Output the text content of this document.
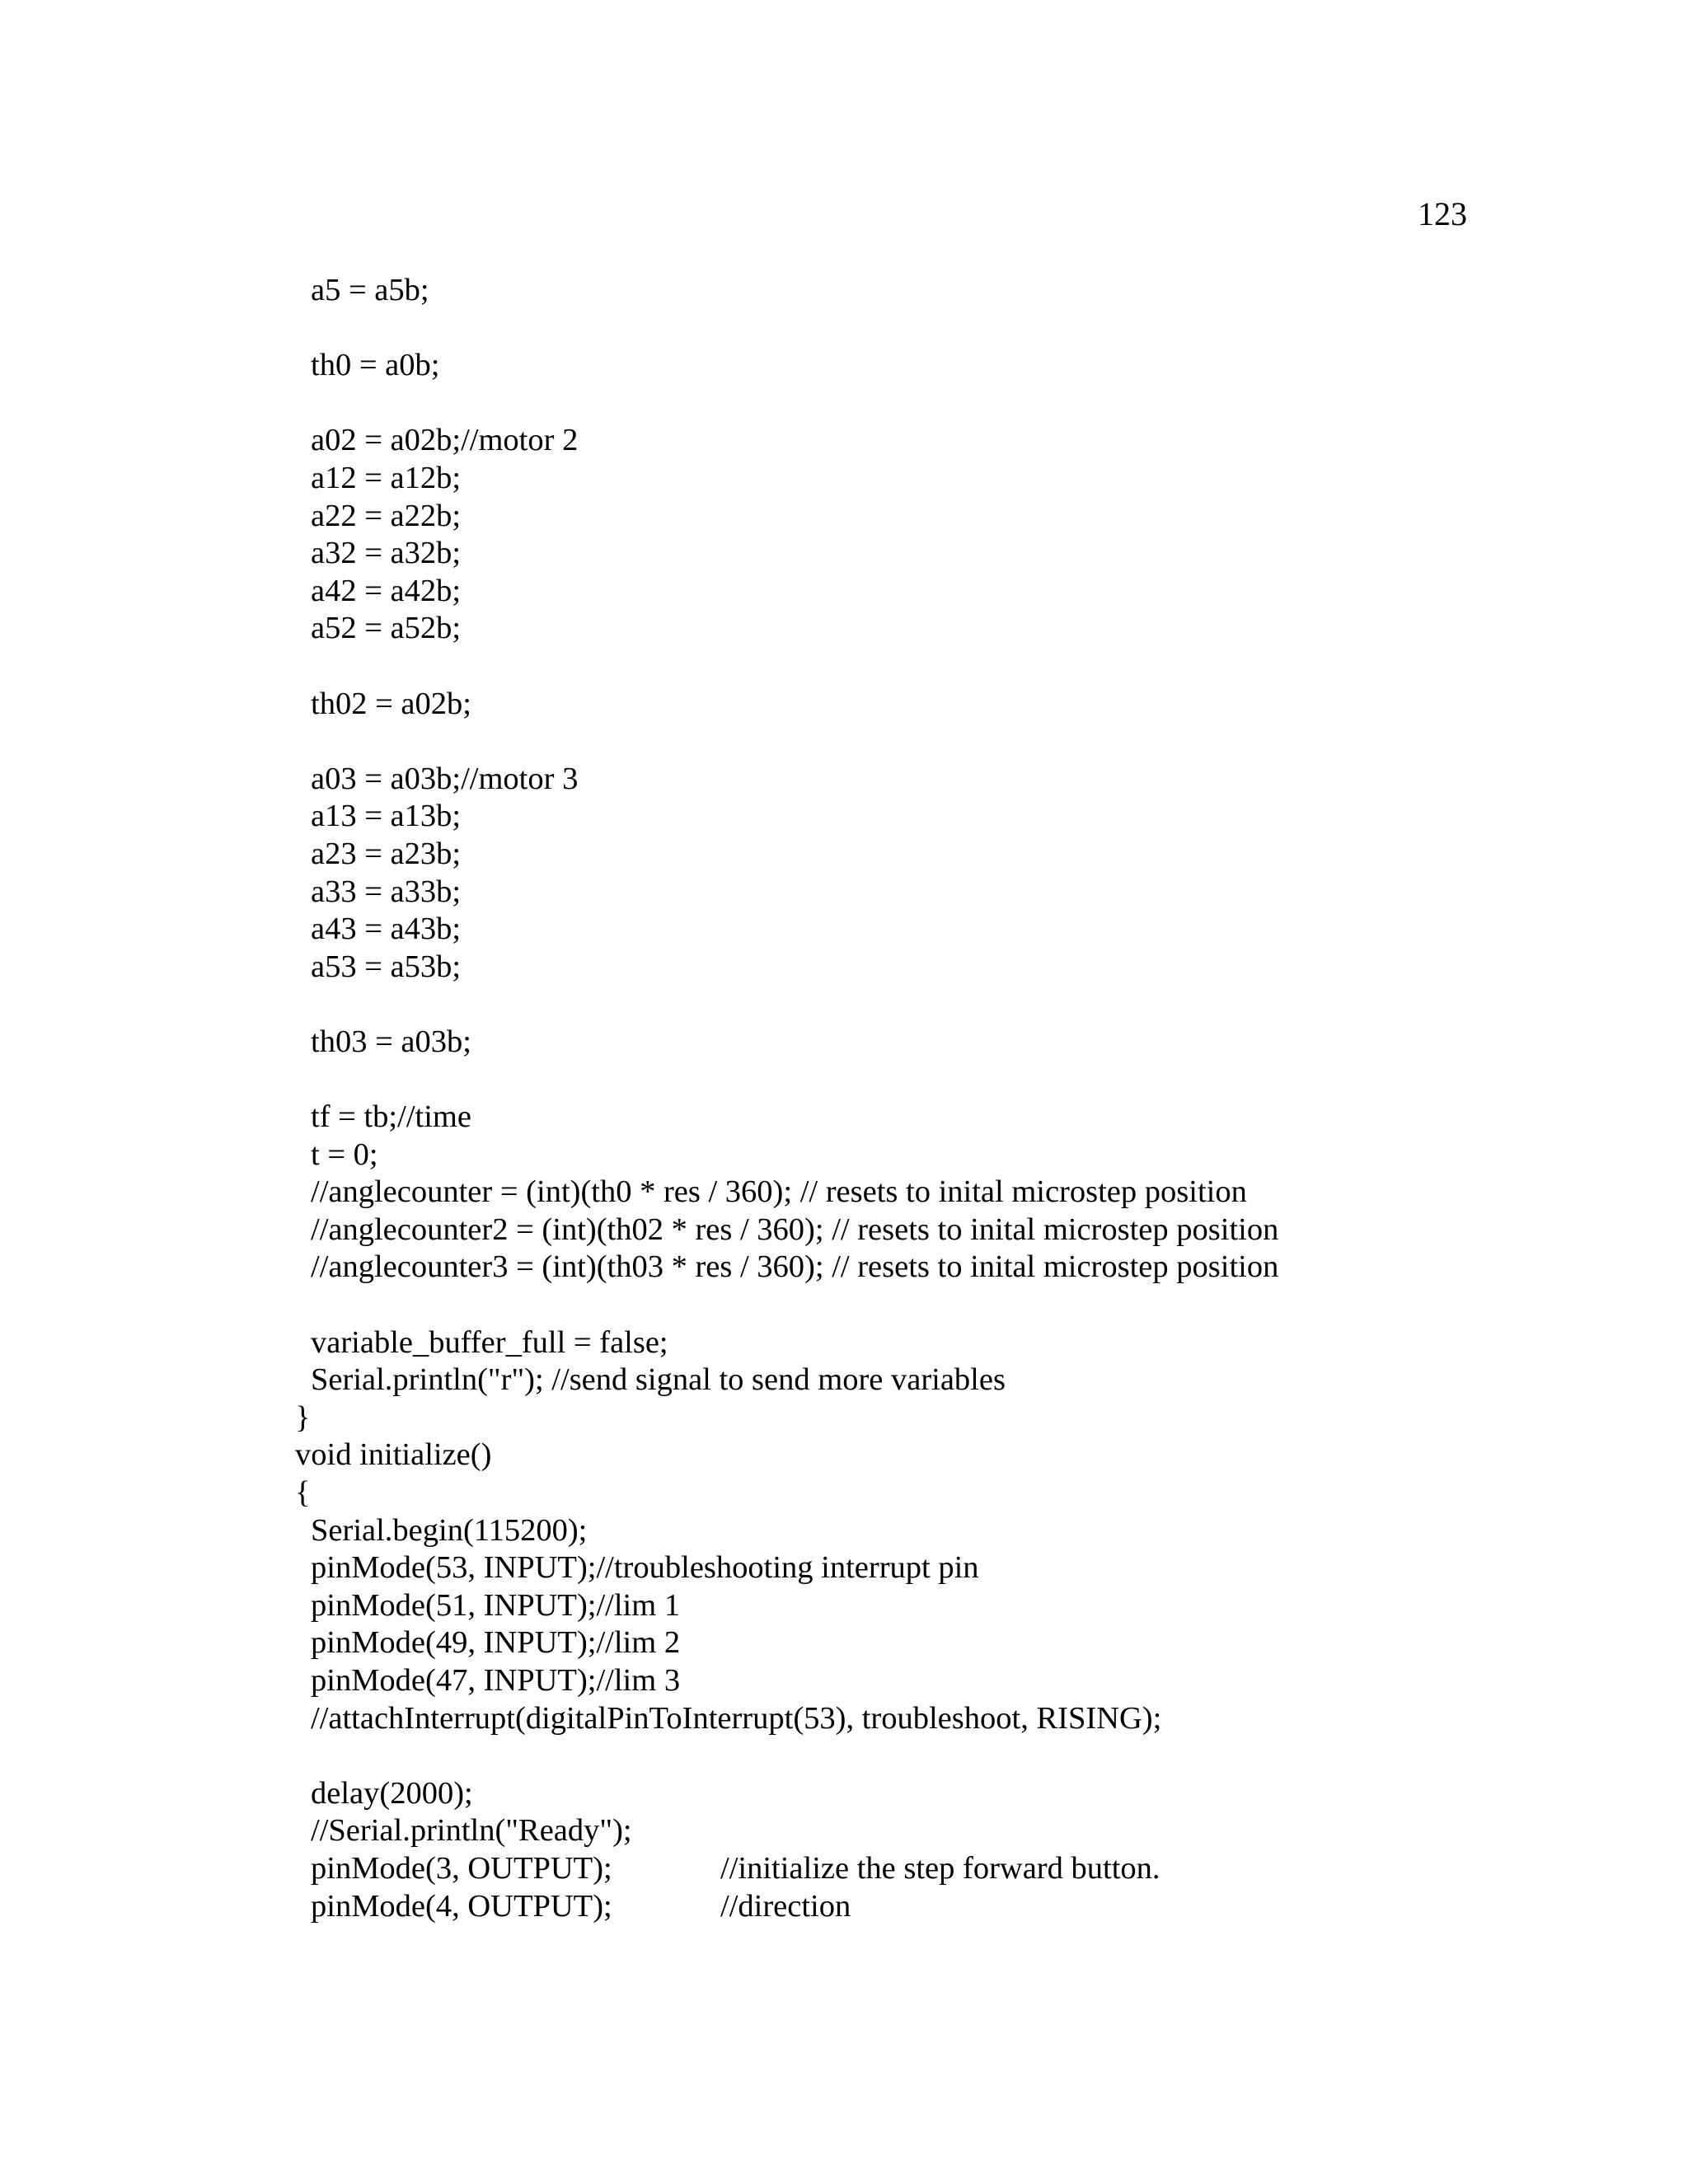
123
a5 = a5b;
th0 = a0b;
a02 = a02b;//motor 2
a12 = a12b;
a22 = a22b;
a32 = a32b;
a42 = a42b;
a52 = a52b;
th02 = a02b;
a03 = a03b;//motor 3
a13 = a13b;
a23 = a23b;
a33 = a33b;
a43 = a43b;
a53 = a53b;
th03 = a03b;
tf = tb;//time
t = 0;
//anglecounter = (int)(th0 * res / 360); // resets to inital microstep position
//anglecounter2 = (int)(th02 * res / 360); // resets to inital microstep position
//anglecounter3 = (int)(th03 * res / 360); // resets to inital microstep position
variable_buffer_full = false;
Serial.println("r"); //send signal to send more variables
}
void initialize()
{
Serial.begin(115200);
pinMode(53, INPUT);//troubleshooting interrupt pin
pinMode(51, INPUT);//lim 1
pinMode(49, INPUT);//lim 2
pinMode(47, INPUT);//lim 3
//attachInterrupt(digitalPinToInterrupt(53), troubleshoot, RISING);
delay(2000);
//Serial.println("Ready");
pinMode(3, OUTPUT);	//initialize the step forward button.
pinMode(4, OUTPUT);	//direction
